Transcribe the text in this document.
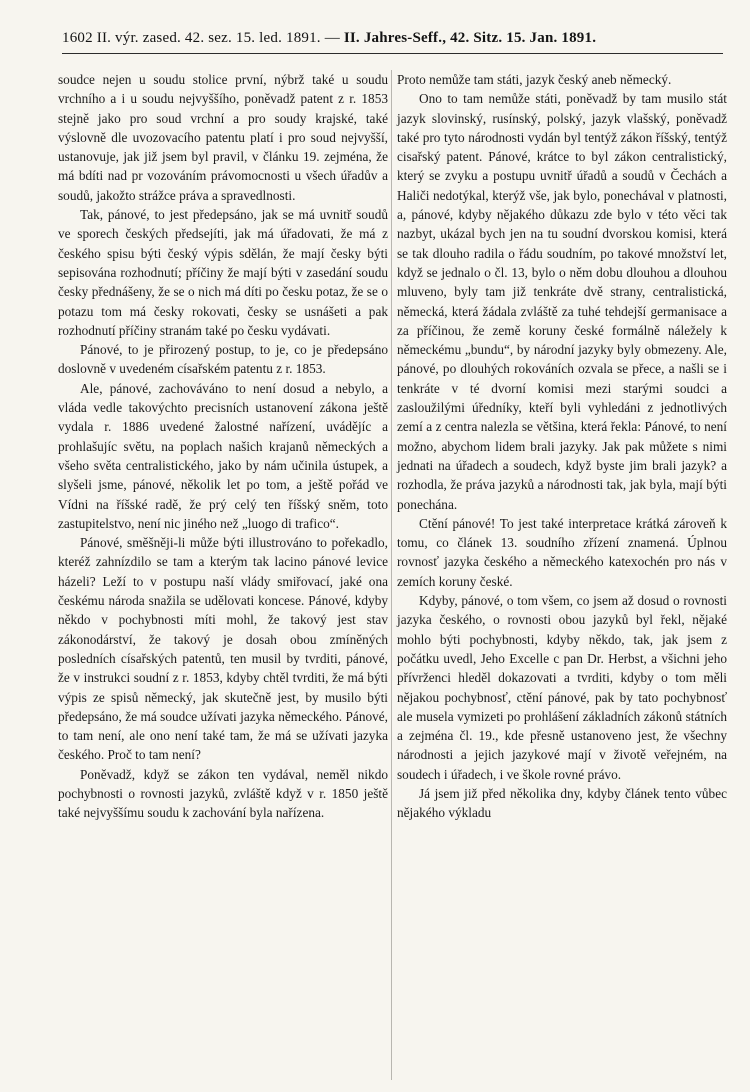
1602 II. výr. zased. 42. sez. 15. led. 1891. — II. Jahres-Seff., 42. Sitz. 15. Jan. 1891.

soudce nejen u soudu stolice první, nýbrž také u soudu vrchního a i u soudu nejvyššího, poněvadž patent z r. 1853 stejně jako pro soud vrchní a pro soudy krajské, také výslovně dle uvozovacího patentu platí i pro soud nejvyšší, ustanovuje, jak již jsem byl pravil, v článku 19. zejména, že má bdíti nad pr vozováním právomocnosti u všech úřadův a soudů, jakožto strážce práva a spravedlnosti.

Tak, pánové, to jest předepsáno, jak se má uvnitř soudů ve sporech českých předsejíti, jak má úřadovati, že má z českého spisu býti český výpis sdělán, že mají česky býti sepisována rozhodnutí; příčiny že mají býti v zasedání soudu česky přednášeny, že se o nich má díti po česku potaz, že se o potazu tom má česky rokovati, česky se usnášeti a pak rozhodnutí příčiny stranám také po česku vydávati.

Pánové, to je přirozený postup, to je, co je předepsáno doslovně v uvedeném císařském patentu z r. 1853.

Ale, pánové, zachováváno to není dosud a nebylo, a vláda vedle takovýchto precisních ustanovení zákona ještě vydala r. 1886 uvedené žalostné nařízení, uvádějíc a prohlašujíc světu, na poplach našich krajanů německých a všeho světa centralistického, jako by nám učinila ústupek, a slyšeli jsme, pánové, několik let po tom, a ještě pořád ve Vídni na říšské radě, že prý celý ten říšský sněm, toto zastupitelstvo, není nic jiného než „luogo di trafico“.

Pánové, směšněji-li může býti illustrováno to pořekadlo, kteréž zahnízdilo se tam a kterým tak lacino pánové levice házeli? Leží to v postupu naší vlády smiřovací, jaké ona českému národa snažila se udělovati koncese. Pánové, kdyby někdo v pochybnosti míti mohl, že takový jest stav zákonodárství, že takový je dosah obou zmíněných posledních císařských patentů, ten musil by tvrditi, pánové, že v instrukci soudní z r. 1853, kdyby chtěl tvrditi, že má býti výpis ze spisů německý, jak skutečně jest, by musilo býti předepsáno, že má soudce užívati jazyka německého. Pánové, to tam není, ale ono není také tam, že má se užívati jazyka českého. Proč to tam není?

Poněvadž, když se zákon ten vydával, neměl nikdo pochybnosti o rovnosti jazyků, zvláště když v r. 1850 ještě také nejvyššímu soudu k zachování byla nařízena.

Proto nemůže tam státi, jazyk český aneb německý.

Ono to tam nemůže státi, poněvadž by tam musilo stát jazyk slovinský, rusínský, polský, jazyk vlašský, poněvadž také pro tyto národnosti vydán byl tentýž zákon říšský, tentýž cisařský patent. Pánové, krátce to byl zákon centralistický, který se zvyku a postupu uvnitř úřadů a soudů v Čechách a Haliči nedotýkal, kterýž vše, jak bylo, ponechával v platnosti, a, pánové, kdyby nějakého důkazu zde bylo v této věci tak nazbyt, ukázal bych jen na tu soudní dvorskou komisi, která se tak dlouho radila o řádu soudním, po takové množství let, když se jednalo o čl. 13, bylo o něm dobu dlouhou a dlouhou mluveno, byly tam již tenkráte dvě strany, centralistická, německá, která žádala zvláště za tuhé tehdejší germanisace a za příčinou, že země koruny české formálně náležely k německému „bundu“, by národní jazyky byly obmezeny. Ale, pánové, po dlouhých rokováních ozvala se přece, a našli se i tenkráte v té dvorní komisi mezi starými soudci a zasloužilými úředníky, kteří byli vyhledáni z jednotlivých zemí a z centra nalezla se většina, která řekla: Pánové, to není možno, abychom lidem brali jazyky. Jak pak můžete s nimi jednati na úřadech a soudech, když byste jim brali jazyk? a rozhodla, že práva jazyků a národnosti tak, jak byla, mají býti ponechána.

Ctění pánové! To jest také interpretace krátká zároveň k tomu, co článek 13. soudního zřízení znamená. Úplnou rovnosť jazyka českého a německého katexochén pro nás v zemích koruny české.

Kdyby, pánové, o tom všem, co jsem až dosud o rovnosti jazyka českého, o rovnosti obou jazyků byl řekl, nějaké mohlo býti pochybnosti, kdyby někdo, tak, jak jsem z počátku uvedl, Jeho Excelle c pan Dr. Herbst, a všichni jeho přívrženci hleděl dokazovati a tvrditi, kdyby o tom měli nějakou pochybnosť, ctění pánové, pak by tato pochybnosť ale musela vymizeti po prohlášení základních zákonů státních a zejména čl. 19., kde přesně ustanoveno jest, že všechny národnosti a jejich jazykové mají v životě veřejném, na soudech i úřadech, i ve škole rovné právo.

Já jsem již před několika dny, kdyby článek tento vůbec nějakého výkladu
